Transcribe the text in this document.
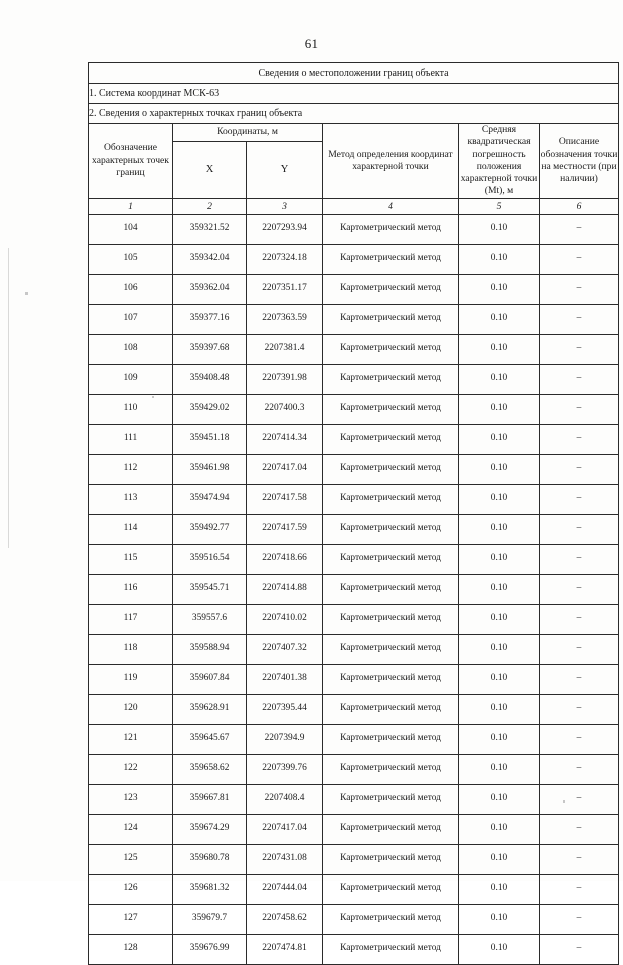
61
Сведения о местоположении границ объекта					
1. Система координат МСК-63					
2. Сведения о характерных точках границ объекта					
Обозначение характерных точек границ	Координаты, м		Метод определения координат характерной точки	Средняя квадратическая погрешность положения характерной точки (Мt), м	Описание обозначения точки на местности (при наличии)
	X	Y			
1	2	3	4	5	6
104	359321.52	2207293.94	Картометрический метод	0.10	–
105	359342.04	2207324.18	Картометрический метод	0.10	–
106	359362.04	2207351.17	Картометрический метод	0.10	–
107	359377.16	2207363.59	Картометрический метод	0.10	–
108	359397.68	2207381.4	Картометрический метод	0.10	–
109	359408.48	2207391.98	Картометрический метод	0.10	–
110	359429.02	2207400.3	Картометрический метод	0.10	–
111	359451.18	2207414.34	Картометрический метод	0.10	–
112	359461.98	2207417.04	Картометрический метод	0.10	–
113	359474.94	2207417.58	Картометрический метод	0.10	–
114	359492.77	2207417.59	Картометрический метод	0.10	–
115	359516.54	2207418.66	Картометрический метод	0.10	–
116	359545.71	2207414.88	Картометрический метод	0.10	–
117	359557.6	2207410.02	Картометрический метод	0.10	–
118	359588.94	2207407.32	Картометрический метод	0.10	–
119	359607.84	2207401.38	Картометрический метод	0.10	–
120	359628.91	2207395.44	Картометрический метод	0.10	–
121	359645.67	2207394.9	Картометрический метод	0.10	–
122	359658.62	2207399.76	Картометрический метод	0.10	–
123	359667.81	2207408.4	Картометрический метод	0.10	–
124	359674.29	2207417.04	Картометрический метод	0.10	–
125	359680.78	2207431.08	Картометрический метод	0.10	–
126	359681.32	2207444.04	Картометрический метод	0.10	–
127	359679.7	2207458.62	Картометрический метод	0.10	–
128	359676.99	2207474.81	Картометрический метод	0.10	–
